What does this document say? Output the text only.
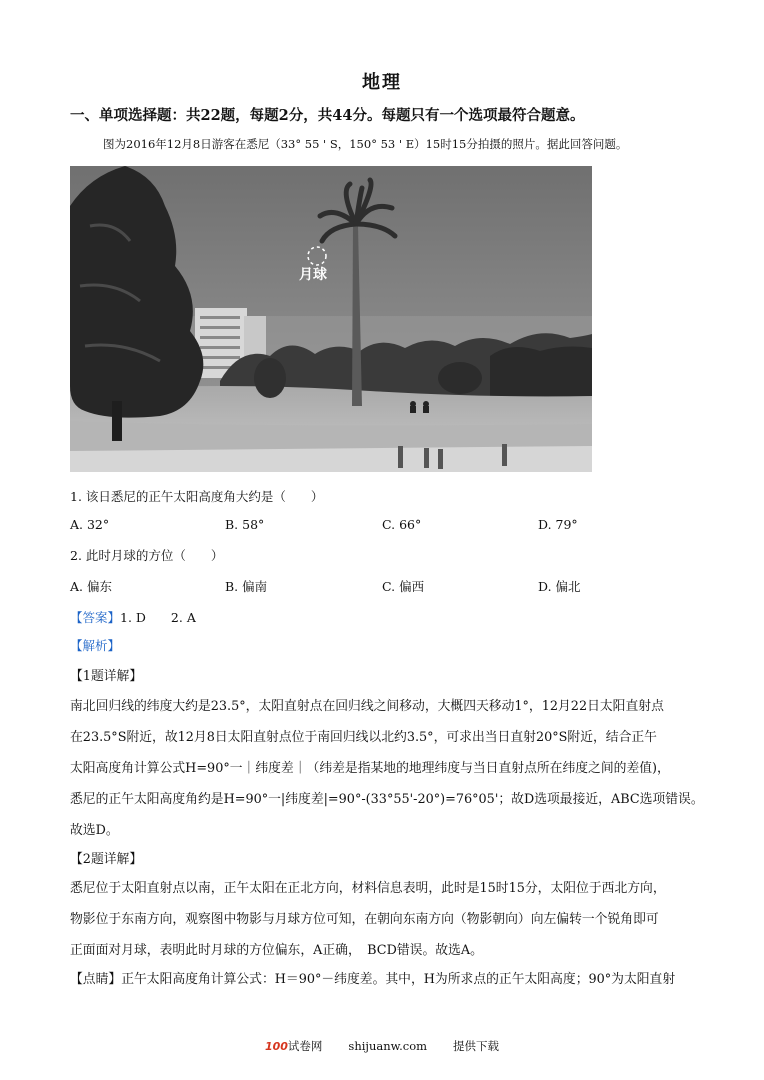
地理
一、单项选择题：共22题，每题2分，共44分。每题只有一个选项最符合题意。
图为2016年12月8日游客在悉尼（33° 55 ' S，150° 53 ' E）15时15分拍摄的照片。据此回答问题。
月球
1. 该日悉尼的正午太阳高度角大约是（　　）
A. 32°	B. 58°	C. 66°	D. 79°
2. 此时月球的方位（　　）
A. 偏东	B. 偏南	C. 偏西	D. 偏北
【答案】1. D　　2. A
【解析】
【1题详解】
南北回归线的纬度大约是23.5°，太阳直射点在回归线之间移动，大概四天移动1°，12月22日太阳直射点
在23.5°S附近，故12月8日太阳直射点位于南回归线以北约3.5°，可求出当日直射20°S附近，结合正午
太阳高度角计算公式H=90°一｜纬度差｜（纬差是指某地的地理纬度与当日直射点所在纬度之间的差值)，
悉尼的正午太阳高度角约是H=90°一|纬度差|=90°-(33°55'-20°)=76°05'；故D选项最接近，ABC选项错误。
故选D。
【2题详解】
悉尼位于太阳直射点以南，正午太阳在正北方向，材料信息表明，此时是15时15分，太阳位于西北方向，
物影位于东南方向，观察图中物影与月球方位可知，在朝向东南方向（物影朝向）向左偏转一个锐角即可
正面面对月球，表明此时月球的方位偏东，A正确，　BCD错误。故选A。
【点睛】正午太阳高度角计算公式：H＝90°－纬度差。其中，H为所求点的正午太阳高度；90°为太阳直射
100试卷网 shijuanw.com 提供下载
